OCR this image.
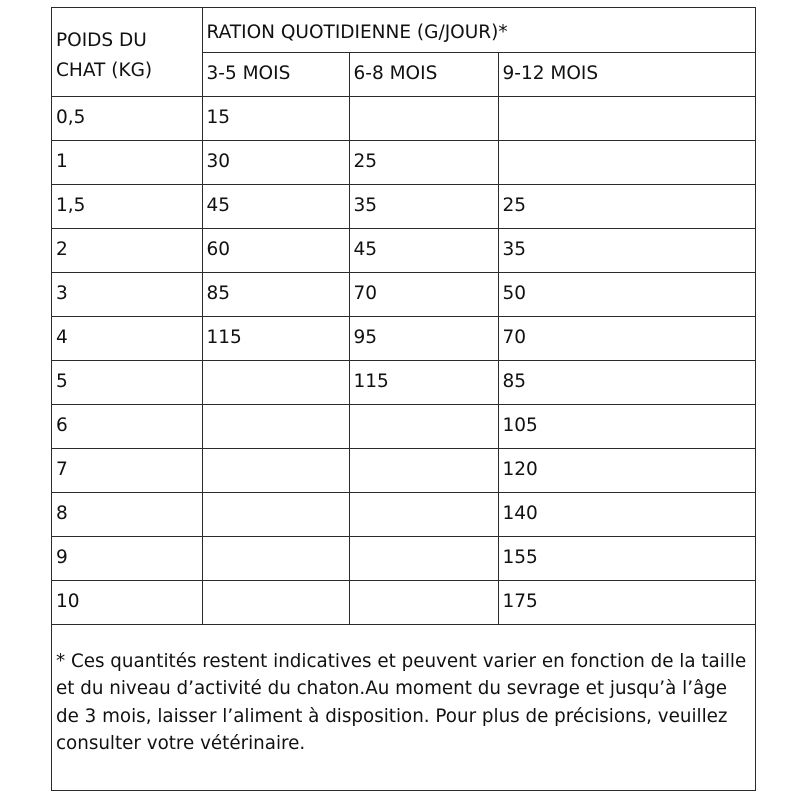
POIDS DU CHAT (KG)	RATION QUOTIDIENNE (G/JOUR)*		
	3-5 MOIS	6-8 MOIS	9-12 MOIS
0,5	15		
1	30	25	
1,5	45	35	25
2	60	45	35
3	85	70	50
4	115	95	70
5		115	85
6			105
7			120
8			140
9			155
10			175
* Ces quantités restent indicatives et peuvent varier en fonction de la taille et du niveau d’activité du chaton.Au moment du sevrage et jusqu’à l’âge de 3 mois, laisser l’aliment à disposition. Pour plus de précisions, veuillez consulter votre vétérinaire.
